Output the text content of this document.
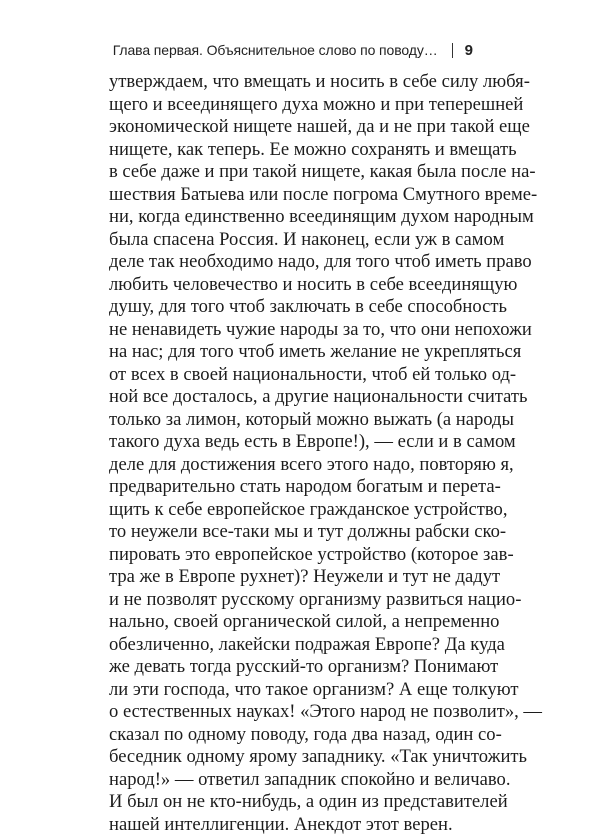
Глава первая. Объяснительное слово по поводу… 9
утверждаем, что вмещать и носить в себе силу любя-
щего и всеединящего духа можно и при теперешней
экономической нищете нашей, да и не при такой еще
нищете, как теперь. Ее можно сохранять и вмещать
в себе даже и при такой нищете, какая была после на-
шествия Батыева или после погрома Смутного време-
ни, когда единственно всеединящим духом народным
была спасена Россия. И наконец, если уж в самом
деле так необходимо надо, для того чтоб иметь право
любить человечество и носить в себе всеединящую
душу, для того чтоб заключать в себе способность
не ненавидеть чужие народы за то, что они непохожи
на нас; для того чтоб иметь желание не укрепляться
от всех в своей национальности, чтоб ей только од-
ной все досталось, а другие национальности считать
только за лимон, который можно выжать (а народы
такого духа ведь есть в Европе!), — если и в самом
деле для достижения всего этого надо, повторяю я,
предварительно стать народом богатым и перета-
щить к себе европейское гражданское устройство,
то неужели все-таки мы и тут должны рабски ско-
пировать это европейское устройство (которое зав-
тра же в Европе рухнет)? Неужели и тут не дадут
и не позволят русскому организму развиться нацио-
нально, своей органической силой, а непременно
обезличенно, лакейски подражая Европе? Да куда
же девать тогда русский-то организм? Понимают
ли эти господа, что такое организм? А еще толкуют
о естественных науках! «Этого народ не позволит», —
сказал по одному поводу, года два назад, один со-
беседник одному ярому западнику. «Так уничтожить
народ!» — ответил западник спокойно и величаво.
И был он не кто-нибудь, а один из представителей
нашей интеллигенции. Анекдот этот верен.
